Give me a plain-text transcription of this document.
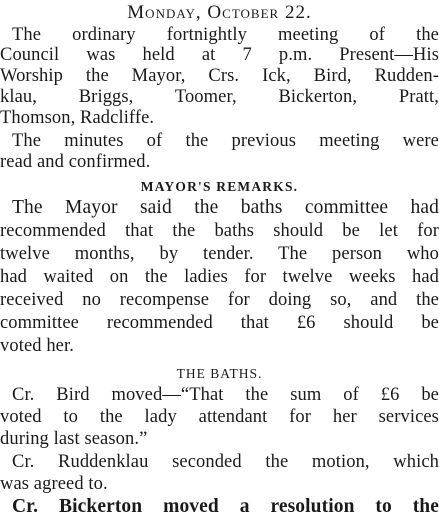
Monday, October 22.
The ordinary fortnightly meeting of the
Council was held at 7 p.m. Present—His
Worship the Mayor, Crs. Ick, Bird, Rudden-
klau, Briggs, Toomer, Bickerton, Pratt,
Thomson, Radcliffe.
The minutes of the previous meeting were
read and confirmed.
MAYOR'S REMARKS.
The Mayor said the baths committee had
recommended that the baths should be let for
twelve months, by tender. The person who
had waited on the ladies for twelve weeks had
received no recompense for doing so, and the
committee recommended that £6 should be
voted her.
THE BATHS.
Cr. Bird moved—“That the sum of £6 be
voted to the lady attendant for her services
during last season.”
Cr. Ruddenklau seconded the motion, which
was agreed to.
Cr. Bickerton moved a resolution to the
